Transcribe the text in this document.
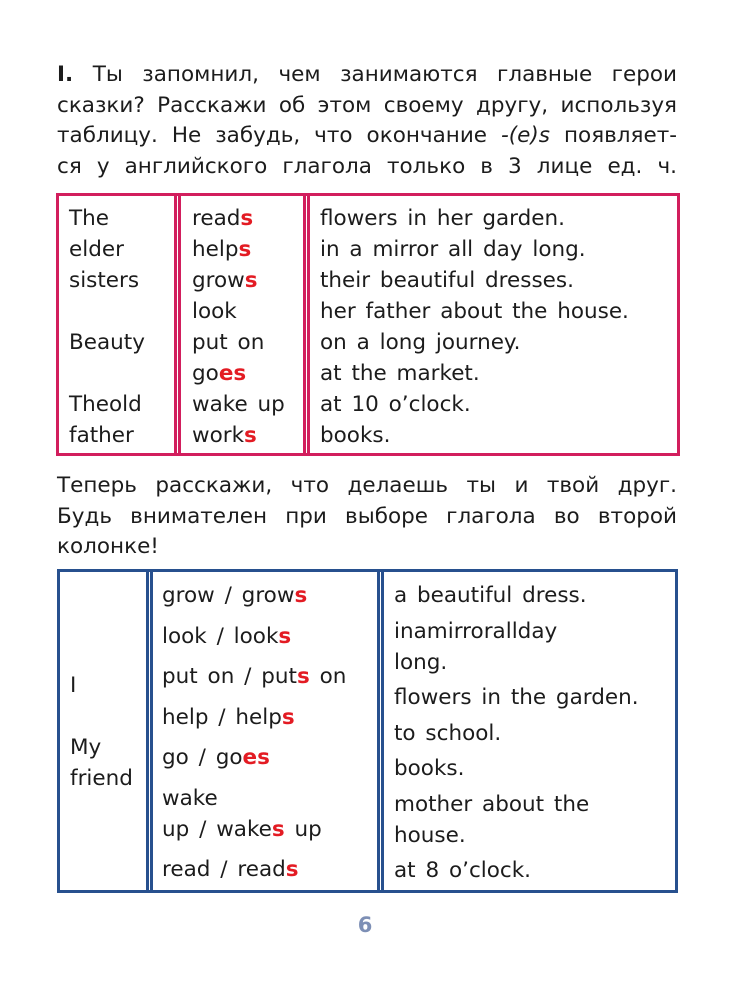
I. Ты запомнил, чем занимаются главные герои
сказки? Расскажи об этом своему другу, используя
таблицу. Не забудь, что окончание -(e)s появляет-
ся у английского глагола только в 3 лице ед. ч.
The
elder
sisters
Beauty
Theold
father
reads
helps
grows
look
put on
goes
wake up
works
flowers in her garden.
in a mirror all day long.
their beautiful dresses.
her father about the house.
on a long journey.
at the market.
at 10 o’clock.
books.
Теперь расскажи, что делаешь ты и твой друг.
Будь внимателен при выборе глагола во второй
колонке!
I
My
friend
grow / grows
look / looks
put on / puts on
help / helps
go / goes
wake
up / wakes up
read / reads
a beautiful dress.
inamirrorallday
long.
flowers in the garden.
to school.
books.
mother about the
house.
at 8 o’clock.
6
